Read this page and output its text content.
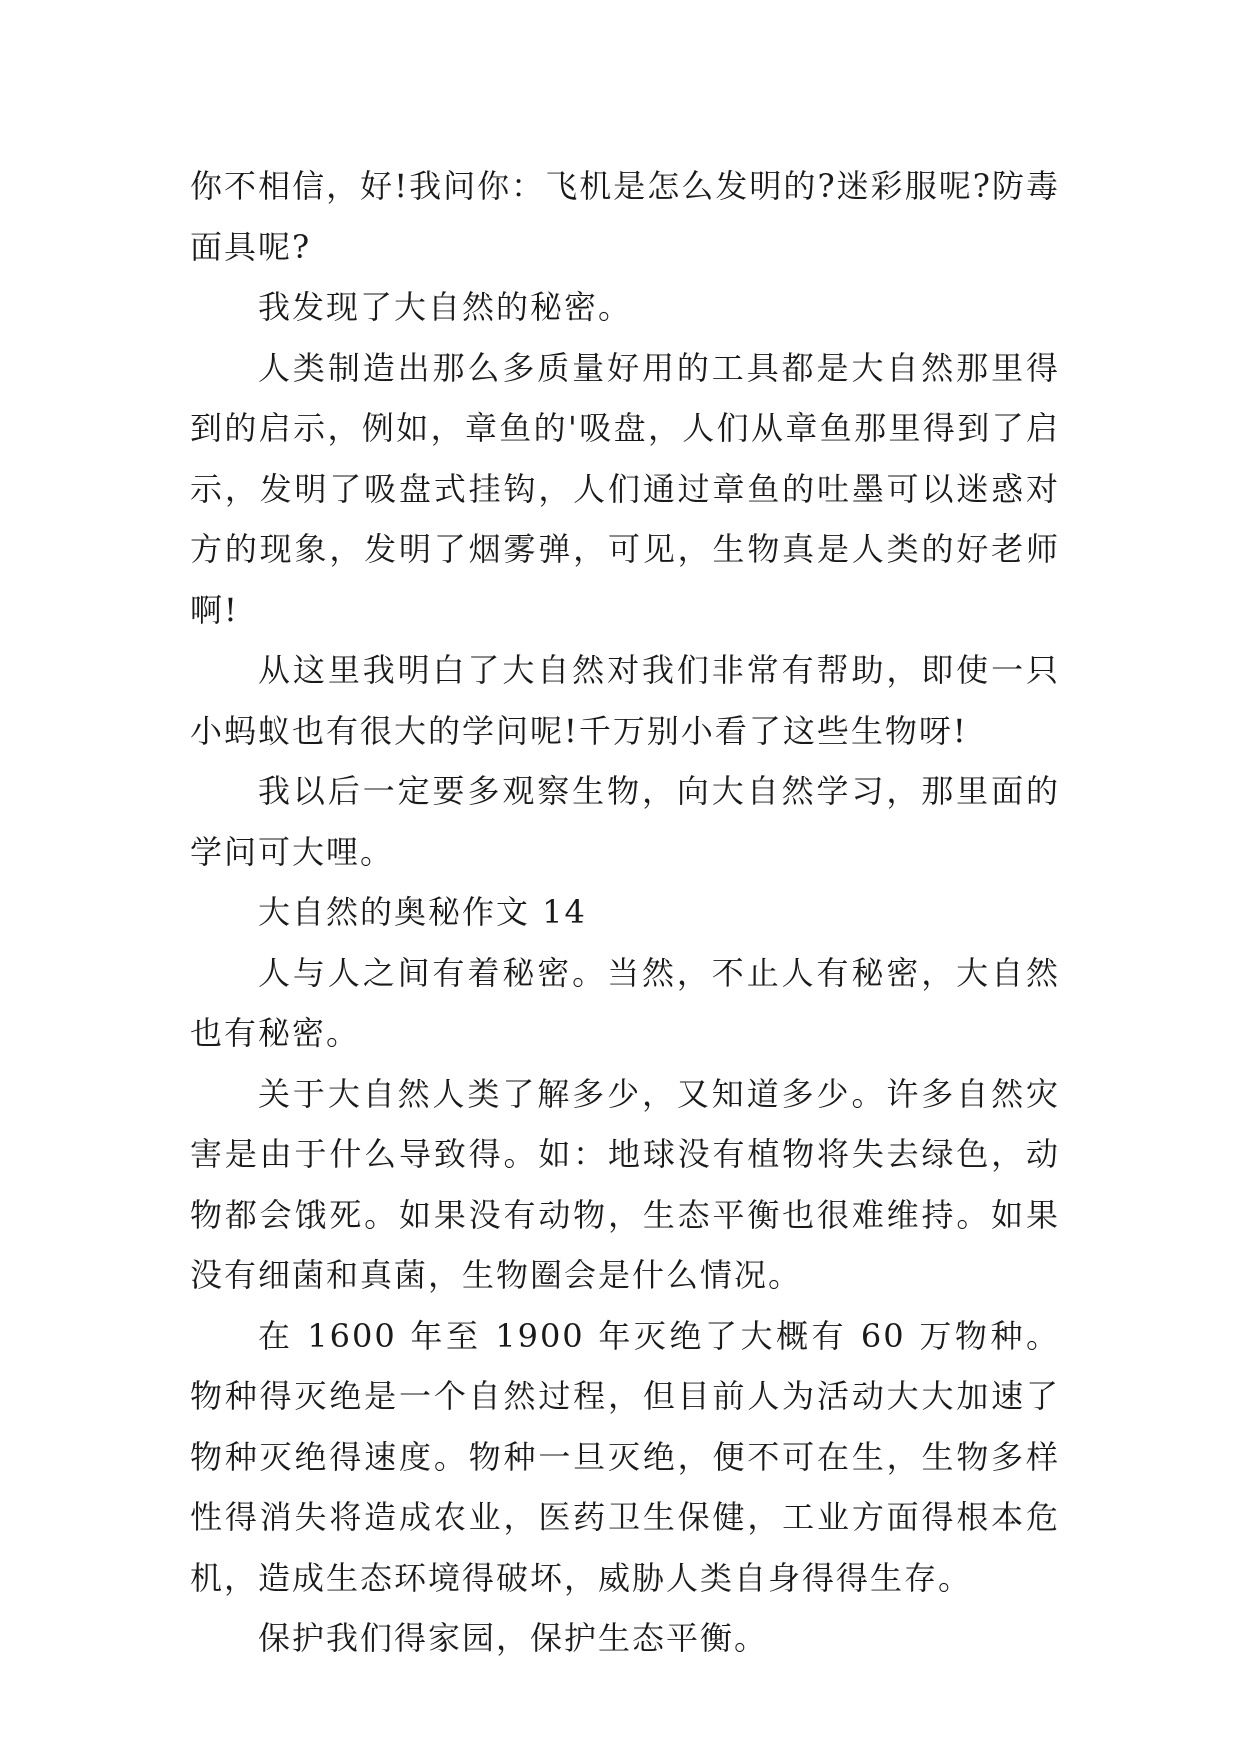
你不相信，好!我问你：飞机是怎么发明的?迷彩服呢?防毒面具呢?

我发现了大自然的秘密。

人类制造出那么多质量好用的工具都是大自然那里得到的启示，例如，章鱼的'吸盘，人们从章鱼那里得到了启示，发明了吸盘式挂钩，人们通过章鱼的吐墨可以迷惑对方的现象，发明了烟雾弹，可见，生物真是人类的好老师啊!

从这里我明白了大自然对我们非常有帮助，即使一只小蚂蚁也有很大的学问呢!千万别小看了这些生物呀!

我以后一定要多观察生物，向大自然学习，那里面的学问可大哩。

大自然的奥秘作文 14

人与人之间有着秘密。当然，不止人有秘密，大自然也有秘密。

关于大自然人类了解多少，又知道多少。许多自然灾害是由于什么导致得。如：地球没有植物将失去绿色，动物都会饿死。如果没有动物，生态平衡也很难维持。如果没有细菌和真菌，生物圈会是什么情况。

在 1600 年至 1900 年灭绝了大概有 60 万物种。物种得灭绝是一个自然过程，但目前人为活动大大加速了物种灭绝得速度。物种一旦灭绝，便不可在生，生物多样性得消失将造成农业，医药卫生保健，工业方面得根本危机，造成生态环境得破坏，威胁人类自身得得生存。

保护我们得家园，保护生态平衡。
